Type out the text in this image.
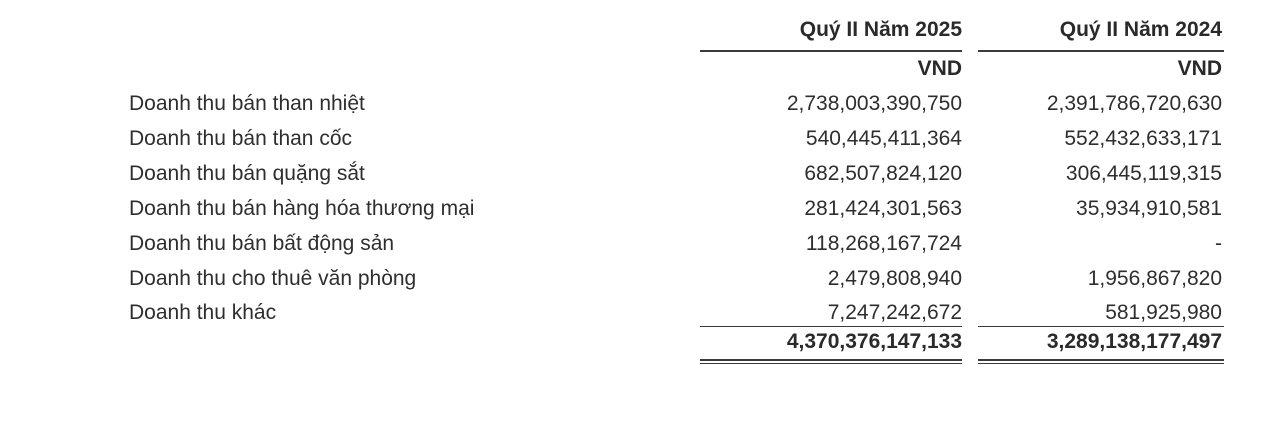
Quý II Năm 2025	Quý II Năm 2024
VND	VND
Doanh thu bán than nhiệt	2,738,003,390,750	2,391,786,720,630
Doanh thu bán than cốc	540,445,411,364	552,432,633,171
Doanh thu bán quặng sắt	682,507,824,120	306,445,119,315
Doanh thu bán hàng hóa thương mại	281,424,301,563	35,934,910,581
Doanh thu bán bất động sản	118,268,167,724	-
Doanh thu cho thuê văn phòng	2,479,808,940	1,956,867,820
Doanh thu khác	7,247,242,672	581,925,980
4,370,376,147,133	3,289,138,177,497
